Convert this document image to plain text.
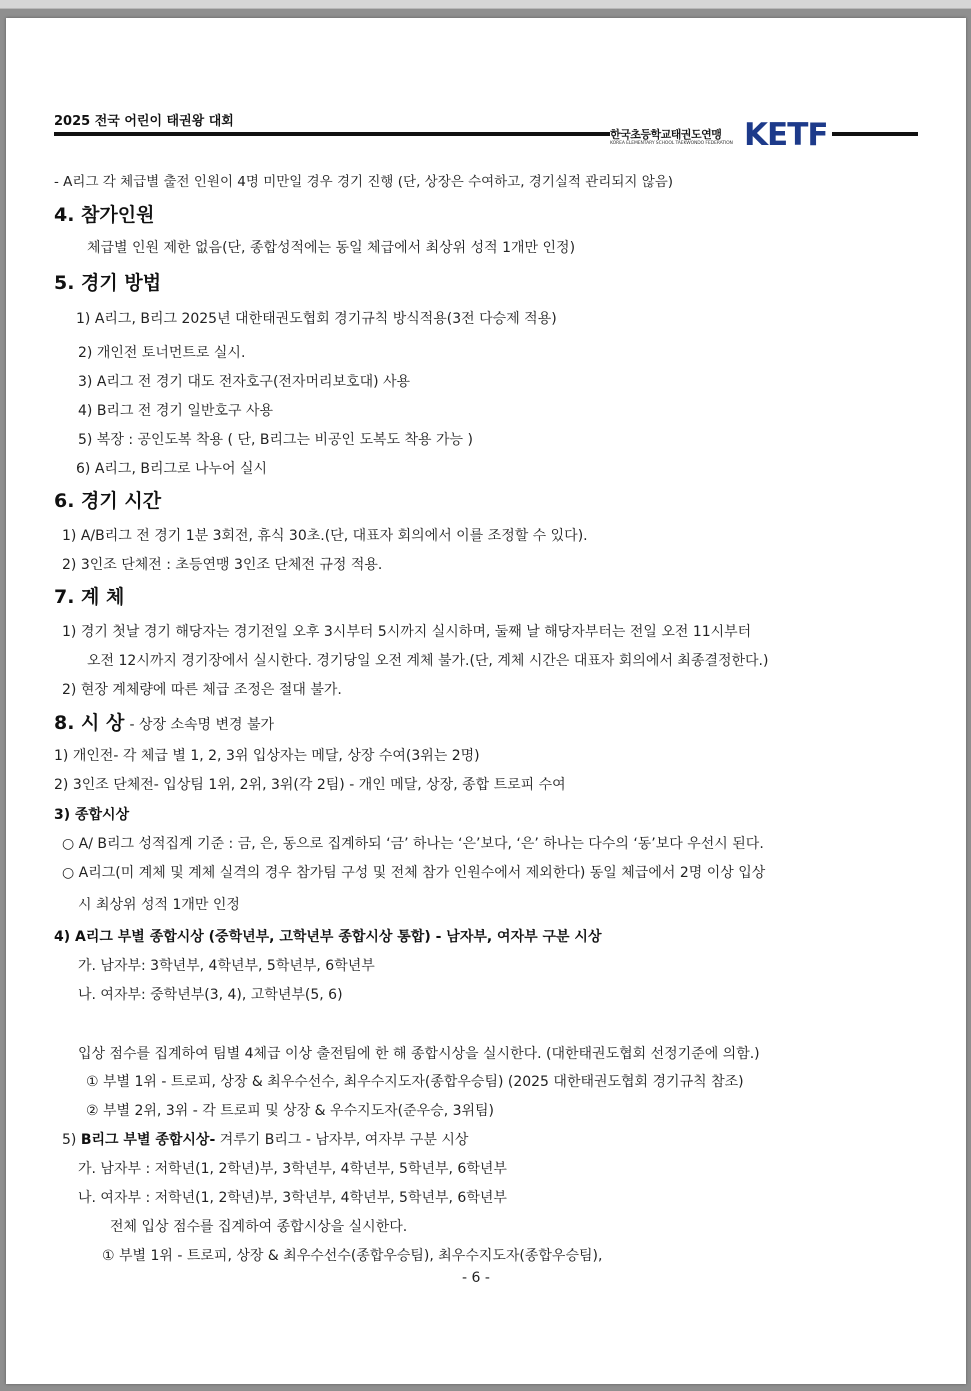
2025 전국 어린이 태권왕 대회
한국초등학교태권도연맹
KOREA ELEMENTARY SCHOOL TAEKWONDO FEDERATION KETF
- A리그 각 체급별 출전 인원이 4명 미만일 경우 경기 진행 (단, 상장은 수여하고, 경기실적 관리되지 않음)
4. 참가인원
체급별 인원 제한 없음(단, 종합성적에는 동일 체급에서 최상위 성적 1개만 인정)
5. 경기 방법
1) A리그, B리그 2025년 대한태권도협회 경기규칙 방식적용(3전 다승제 적용)
2) 개인전 토너먼트로 실시.
3) A리그 전 경기 대도 전자호구(전자머리보호대) 사용
4) B리그 전 경기 일반호구 사용
5) 복장 : 공인도복 착용 ( 단, B리그는 비공인 도복도 착용 가능 )
6) A리그, B리그로 나누어 실시
6. 경기 시간
1) A/B리그 전 경기 1분 3회전, 휴식 30초.(단, 대표자 회의에서 이를 조정할 수 있다).
2) 3인조 단체전 : 초등연맹 3인조 단체전 규정 적용.
7. 계 체
1) 경기 첫날 경기 해당자는 경기전일 오후 3시부터 5시까지 실시하며, 둘째 날 해당자부터는 전일 오전 11시부터
오전 12시까지 경기장에서 실시한다. 경기당일 오전 계체 불가.(단, 계체 시간은 대표자 회의에서 최종결정한다.)
2) 현장 계체량에 따른 체급 조정은 절대 불가.
8. 시 상 - 상장 소속명 변경 불가
1) 개인전- 각 체급 별 1, 2, 3위 입상자는 메달, 상장 수여(3위는 2명)
2) 3인조 단체전- 입상팀 1위, 2위, 3위(각 2팀) - 개인 메달, 상장, 종합 트로피 수여
3) 종합시상
○ A/ B리그 성적집계 기준 : 금, 은, 동으로 집계하되 ‘금’ 하나는 ‘은’보다, ‘은’ 하나는 다수의 ‘동’보다 우선시 된다.
○ A리그(미 계체 및 계체 실격의 경우 참가팀 구성 및 전체 참가 인원수에서 제외한다) 동일 체급에서 2명 이상 입상
시 최상위 성적 1개만 인정
4) A리그 부별 종합시상 (중학년부, 고학년부 종합시상 통합) - 남자부, 여자부 구분 시상
가. 남자부: 3학년부, 4학년부, 5학년부, 6학년부
나. 여자부: 중학년부(3, 4), 고학년부(5, 6)
입상 점수를 집계하여 팀별 4체급 이상 출전팀에 한 해 종합시상을 실시한다. (대한태권도협회 선정기준에 의함.)
① 부별 1위 - 트로피, 상장 & 최우수선수, 최우수지도자(종합우승팀) (2025 대한태권도협회 경기규칙 참조)
② 부별 2위, 3위 - 각 트로피 및 상장 & 우수지도자(준우승, 3위팀)
5) B리그 부별 종합시상- 겨루기 B리그 - 남자부, 여자부 구분 시상
가. 남자부 : 저학년(1, 2학년)부, 3학년부, 4학년부, 5학년부, 6학년부
나. 여자부 : 저학년(1, 2학년)부, 3학년부, 4학년부, 5학년부, 6학년부
전체 입상 점수를 집계하여 종합시상을 실시한다.
① 부별 1위 - 트로피, 상장 & 최우수선수(종합우승팀), 최우수지도자(종합우승팀),
- 6 -
